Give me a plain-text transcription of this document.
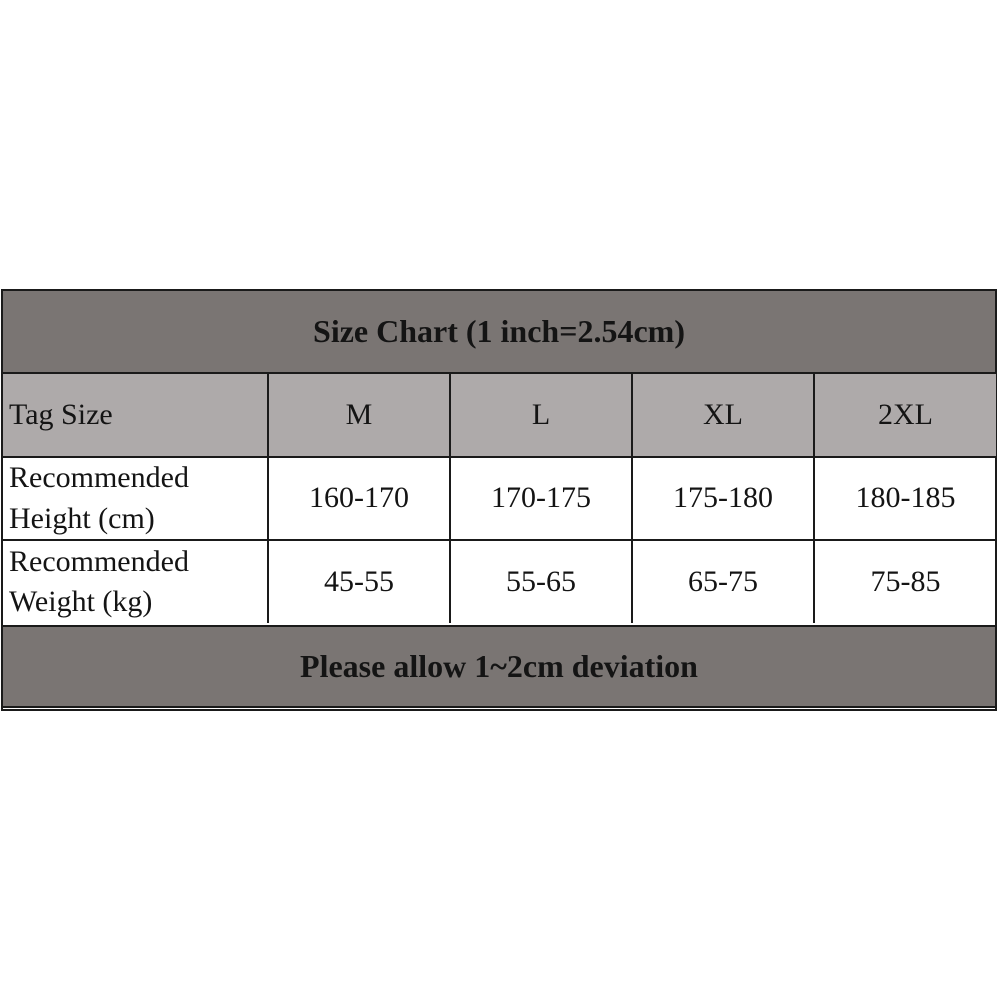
Size Chart (1 inch=2.54cm)
Tag Size	M	L	XL	2XL
Recommended
Height (cm)	160-170	170-175	175-180	180-185
Recommended
Weight (kg)	45-55	55-65	65-75	75-85
Please allow 1~2cm deviation
